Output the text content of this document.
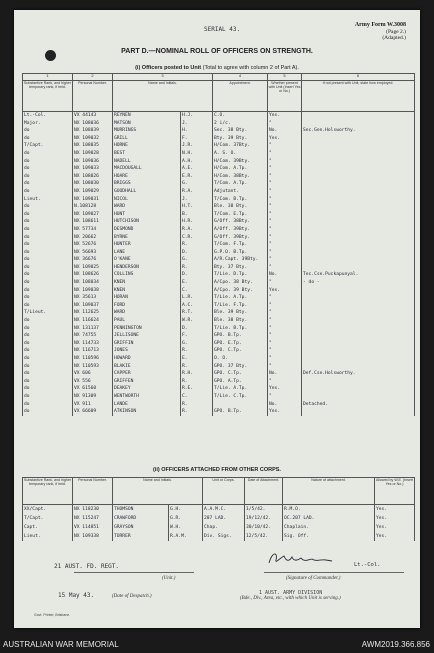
SERIAL 43.
Army Form W.3008
(Page 2.)
(Adapted.)
PART D.—NOMINAL ROLL OF OFFICERS ON STRENGTH.
(i) Officers posted to Unit (Total to agree with column 2 of Part A).
1	2	3		4	5	6
Substantive Rank, and higher temporary rank, if held.	Personal Number.	Name and Initials.		Appointment.	Whether present with Unit (Insert Yes or No.)	If not present with Unit, state how employed.
Lt.-Col.	VX 44143	REYNEN	H.J.	C.O.	Yes.	
Major.	NX 108036	MATSON	J.	2 i/c.	"	
do	NX 108039	MURRINGS	H.	Sec. 38 Bty.	No.	Sec.Gen.Holsworthy.
do	NX 109032	GRILL	F.	Bty. 39 Bty.	Yes.	
T/Capt.	NX 108035	HORNE	J.R.	H/Com. 37Bty.	"	
do	NX 109028	BEST	N.H.	A. S. O.	"	
do	NX 109036	NADELL	A.H.	H/Com. 39Bty.	"	
do	NX 109033	MACDOUGALL	A.E.	H/Com. A.Tp.	"	
do	NX 108026	HOARE	E.R.	H/Com. 38Bty.	"	
do	NX 108030	BRIGGS	G.	T/Com. A.Tp.	"	
do	NX 109029	GOODHALL	R.A.	Adjutant.	"	
Lieut.	NX 109031	NICOL	J.	T/Com. B.Tp.	"	
do	N.108128	WARD	H.T.	Ble. 38 Bty.	"	
do	NX 109027	HUNT	B.	T/Com. E.Tp.	"	
do	NX 108611	HUTCHISON	H.R.	G/Off. 38Bty.	"	
do	NX 57734	DESMOND	R.A.	A/Off. 39Bty.	"	
do	NX 20662	BYRNE	C.R.	G/Off. 39Bty.	"	
do	NX 52676	HUNTER	R.	T/Com. F.Tp.	"	
do	NX 56693	LANE	D.	G.P.O. B.Tp.	"	
do	NX 36676	O'KANE	G.	A/R.Capt. 39Bty.	"	
do	NX 109025	HENDERSON	R.	Bty. 37 Bty.	"	
do	NX 108626	COLLINS	D.	T/Lie. D.Tp.	No.	Tec.Cse.Puckapunyal.
do	NX 108034	KNEN	E.	A/Cpo. 38 Bty.	"	- do -
do	NX 109038	KNEN	C.	A/Cpo. 39 Bty.	Yes.	
do	NX 35613	HORAN	L.R.	T/Lie. A.Tp.	"	
do	NX 109037	FORD	A.C.	T/Lie. F.Tp.	"	
T/Lieut.	NX 112625	WARD	R.T.	Ble. 39 Bty.	"	
do	NX 116624	PAUL	W.R.	Ble. 38 Bty.	"	
do	NX 131137	PENNINGTON	D.	T/Lie. B.Tp.	"	
do	NX 74755	JELLISONE	F.	GPO. B.Tp.	"	
do	NX 114733	GRIFFIN	G.	GPO. E.Tp.	"	
do	NX 116713	JONES	R.	GPO. C.Tp.	"	
do	NX 110596	HOWARD	E.	O. O.	"	
do	NX 110593	BLAKIE	R.	GPO. 37 Bty.	"	
do	VX 606	CAPPER	R.H.	GPO. C.Tp.	No.	Def.Cse.Holsworthy.
do	VX 556	GRIFFEN	R.	GPO. A.Tp.	"	
do	VX 61560	DEAKEY	R.E.	T/Lie. A.Tp.	Yes.	
do	NX 91309	WENTWORTH	C.	T/Lie. C.Tp.	"	
do	VX 911	LANDE	R.		No.	Detached.
do	VX 66609	ATKINSON	R.	GPO. B.Tp.	Yes.	
(ii) OFFICERS ATTACHED FROM OTHER CORPS.
Substantive Rank, and higher temporary rank, if held.	Personal Number.	Name and Initials.		Unit or Corps.	Date of Attachment.	Nature of attachment.	Allowed by W.E. (Insert Yes or No.)
XX/Capt.	NX 118230	THOMSON	G.H.	A.A.M.C.	1/5/42.	R.M.O.	Yes.
T/Capt.	NX 115247	CRAWFORD	G.R.	207 LAD.	19/12/42.	OC.207 LAD.	Yes.
Capt.	VX 114851	GRAYSON	W.H.	Chap.	30/10/42.	Chaplain.	Yes.
Lieut.	NX 109338	TORRER	R.A.M.	Div. Sigs.	12/5/42.	Sig. Off.	Yes.
21 AUST. FD. REGT.
(Unit.)
Lt.-Col.
(Signature of Commander.)
15 May 43.	(Date of Despatch.)
1 AUST. ARMY DIVISION
(Bde., Div., Area, etc., with which Unit is serving.)
Govt. Printer, Brisbane.
AUSTRALIAN WAR MEMORIAL	AWM2019.366.856
